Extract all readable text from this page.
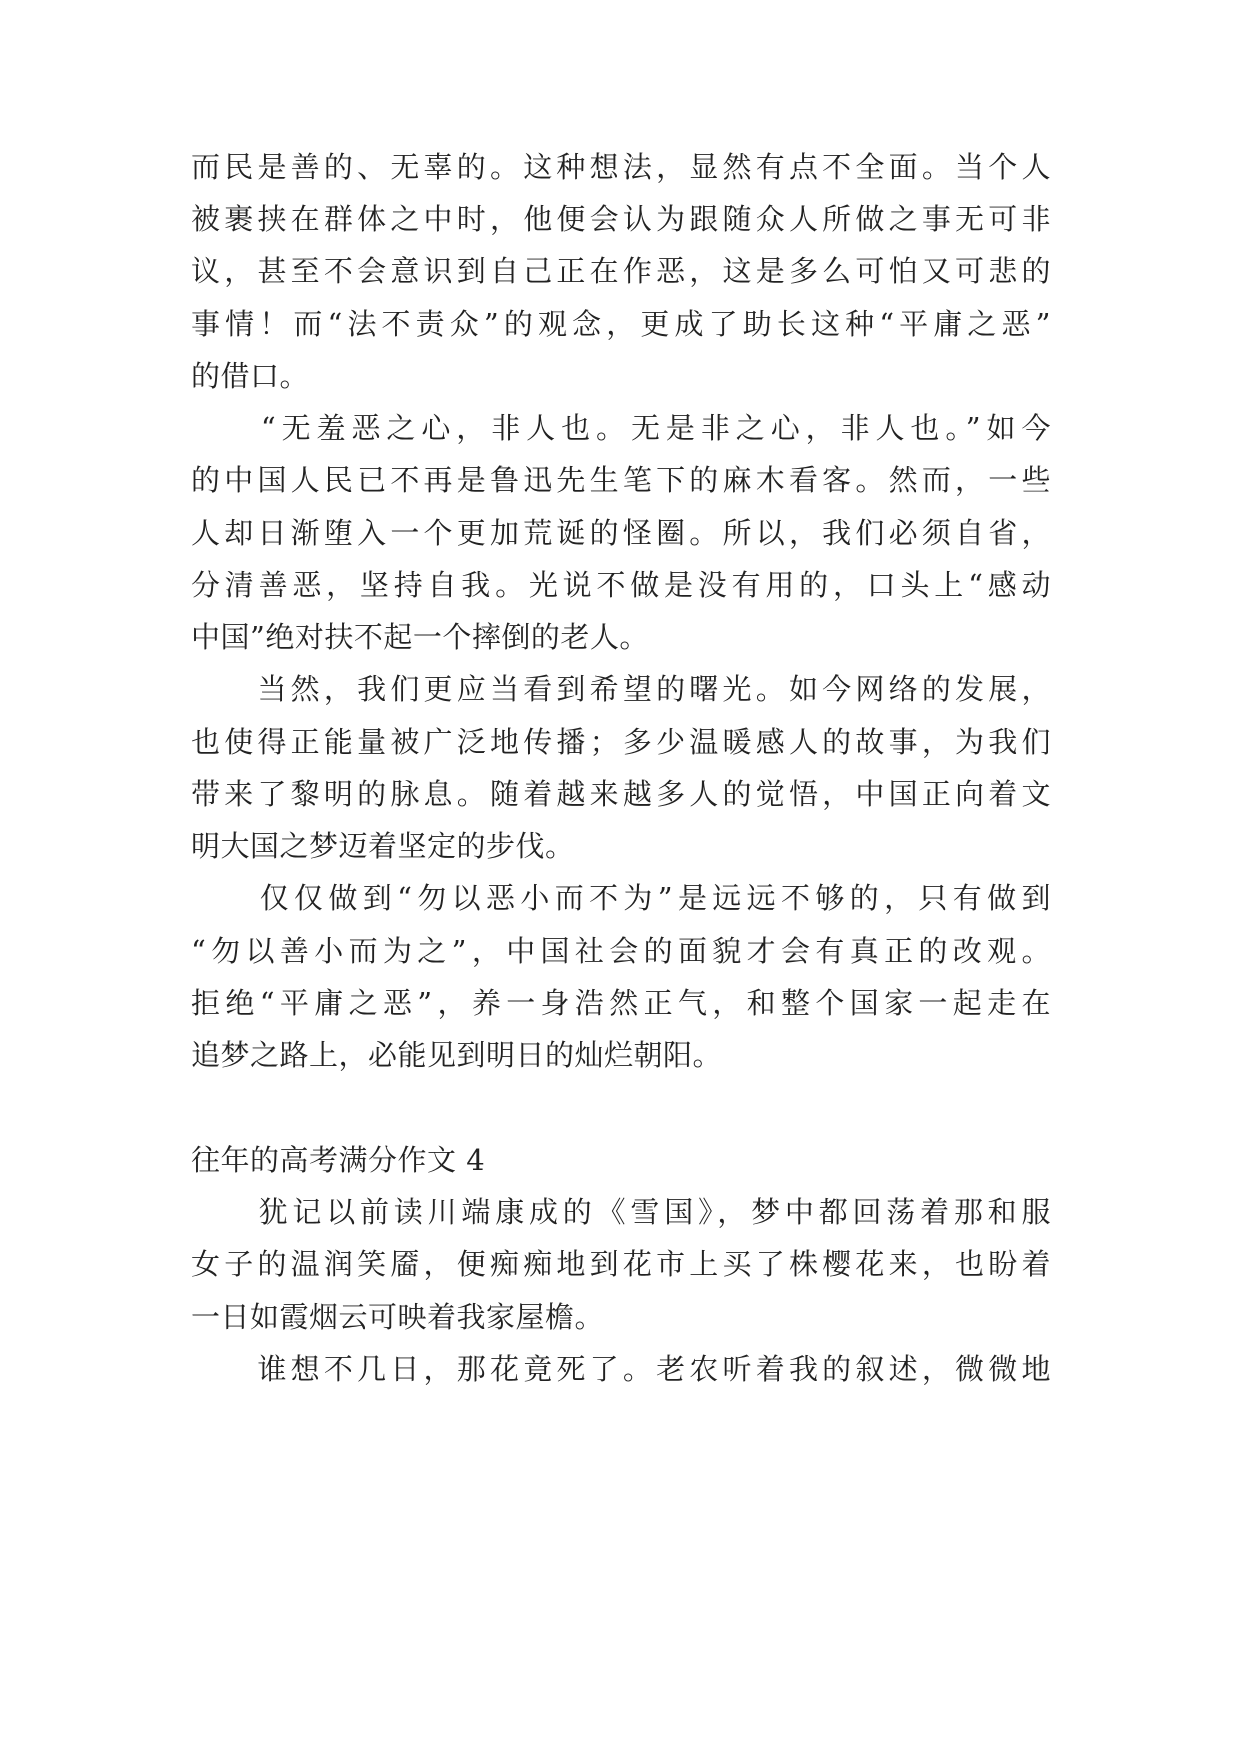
而民是善的、无辜的。这种想法，显然有点不全面。当个人

被裹挟在群体之中时，他便会认为跟随众人所做之事无可非

议，甚至不会意识到自己正在作恶，这是多么可怕又可悲的

事情！而“法不责众”的观念，更成了助长这种“平庸之恶”

的借口。

　　“无羞恶之心，非人也。无是非之心，非人也。”如今

的中国人民已不再是鲁迅先生笔下的麻木看客。然而，一些

人却日渐堕入一个更加荒诞的怪圈。所以，我们必须自省，

分清善恶，坚持自我。光说不做是没有用的，口头上“感动

中国”绝对扶不起一个摔倒的老人。

　　当然，我们更应当看到希望的曙光。如今网络的发展，

也使得正能量被广泛地传播；多少温暖感人的故事，为我们

带来了黎明的脉息。随着越来越多人的觉悟，中国正向着文

明大国之梦迈着坚定的步伐。

　　仅仅做到“勿以恶小而不为”是远远不够的，只有做到

“勿以善小而为之”，中国社会的面貌才会有真正的改观。

拒绝“平庸之恶”，养一身浩然正气，和整个国家一起走在

追梦之路上，必能见到明日的灿烂朝阳。

往年的高考满分作文 4

　　犹记以前读川端康成的《雪国》，梦中都回荡着那和服

女子的温润笑靥，便痴痴地到花市上买了株樱花来，也盼着

一日如霞烟云可映着我家屋檐。

　　谁想不几日，那花竟死了。老农听着我的叙述，微微地
